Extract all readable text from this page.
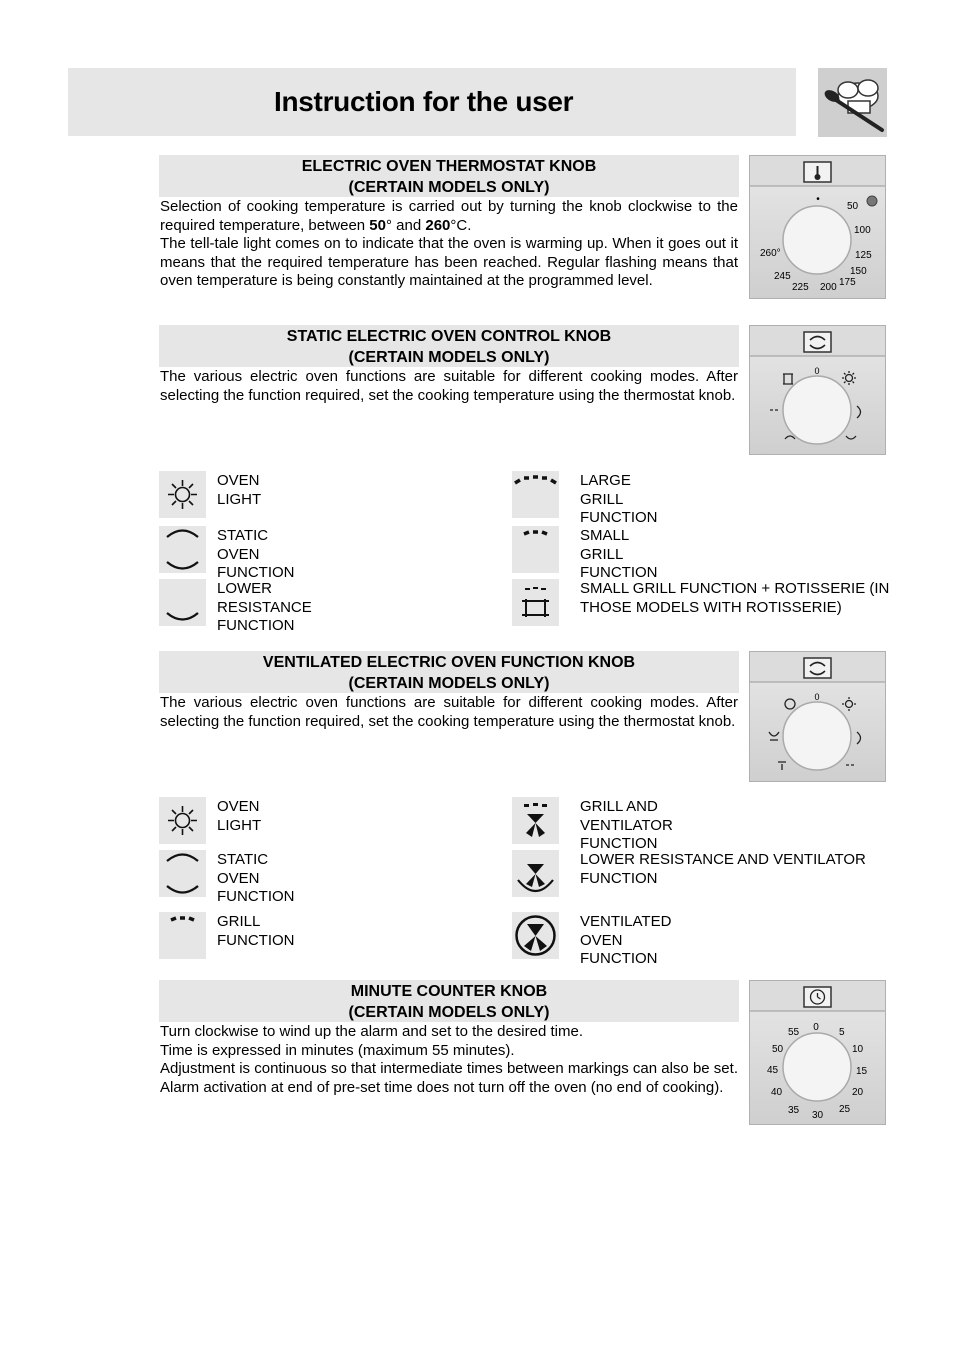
Instruction for the user
ELECTRIC OVEN THERMOSTAT KNOB
(CERTAIN MODELS ONLY)
Selection of cooking temperature is carried out by turning the knob clockwise to the required temperature, between 50° and 260°C.
The tell-tale light comes on to indicate that the oven is warming up. When it goes out it means that the required temperature has been reached. Regular flashing means that oven temperature is being constantly maintained at the programmed level.
•
50
100
125
150
175
200
225
245
260°
STATIC ELECTRIC OVEN CONTROL KNOB
(CERTAIN MODELS ONLY)
The various electric oven functions are suitable for different cooking modes. After selecting the function required, set the cooking temperature using the thermostat knob.
0
OVEN LIGHT
STATIC OVEN FUNCTION
LOWER RESISTANCE FUNCTION
LARGE GRILL FUNCTION
SMALL GRILL FUNCTION
SMALL GRILL FUNCTION + ROTISSERIE (IN THOSE MODELS WITH ROTISSERIE)
VENTILATED ELECTRIC OVEN FUNCTION KNOB
(CERTAIN MODELS ONLY)
The various electric oven functions are suitable for different cooking modes. After selecting the function required, set the cooking temperature using the thermostat knob.
0
OVEN LIGHT
STATIC OVEN FUNCTION
GRILL FUNCTION
GRILL AND VENTILATOR FUNCTION
LOWER RESISTANCE AND VENTILATOR FUNCTION
VENTILATED OVEN FUNCTION
MINUTE COUNTER KNOB
(CERTAIN MODELS ONLY)
Turn clockwise to wind up the alarm and set to the desired time.
Time is expressed in minutes (maximum 55 minutes).
Adjustment is continuous so that intermediate times between markings can also be set. Alarm activation at end of pre-set time does not turn off the oven (no end of cooking).
0 5
10
15
20
25
30
35
40
45
50
55
